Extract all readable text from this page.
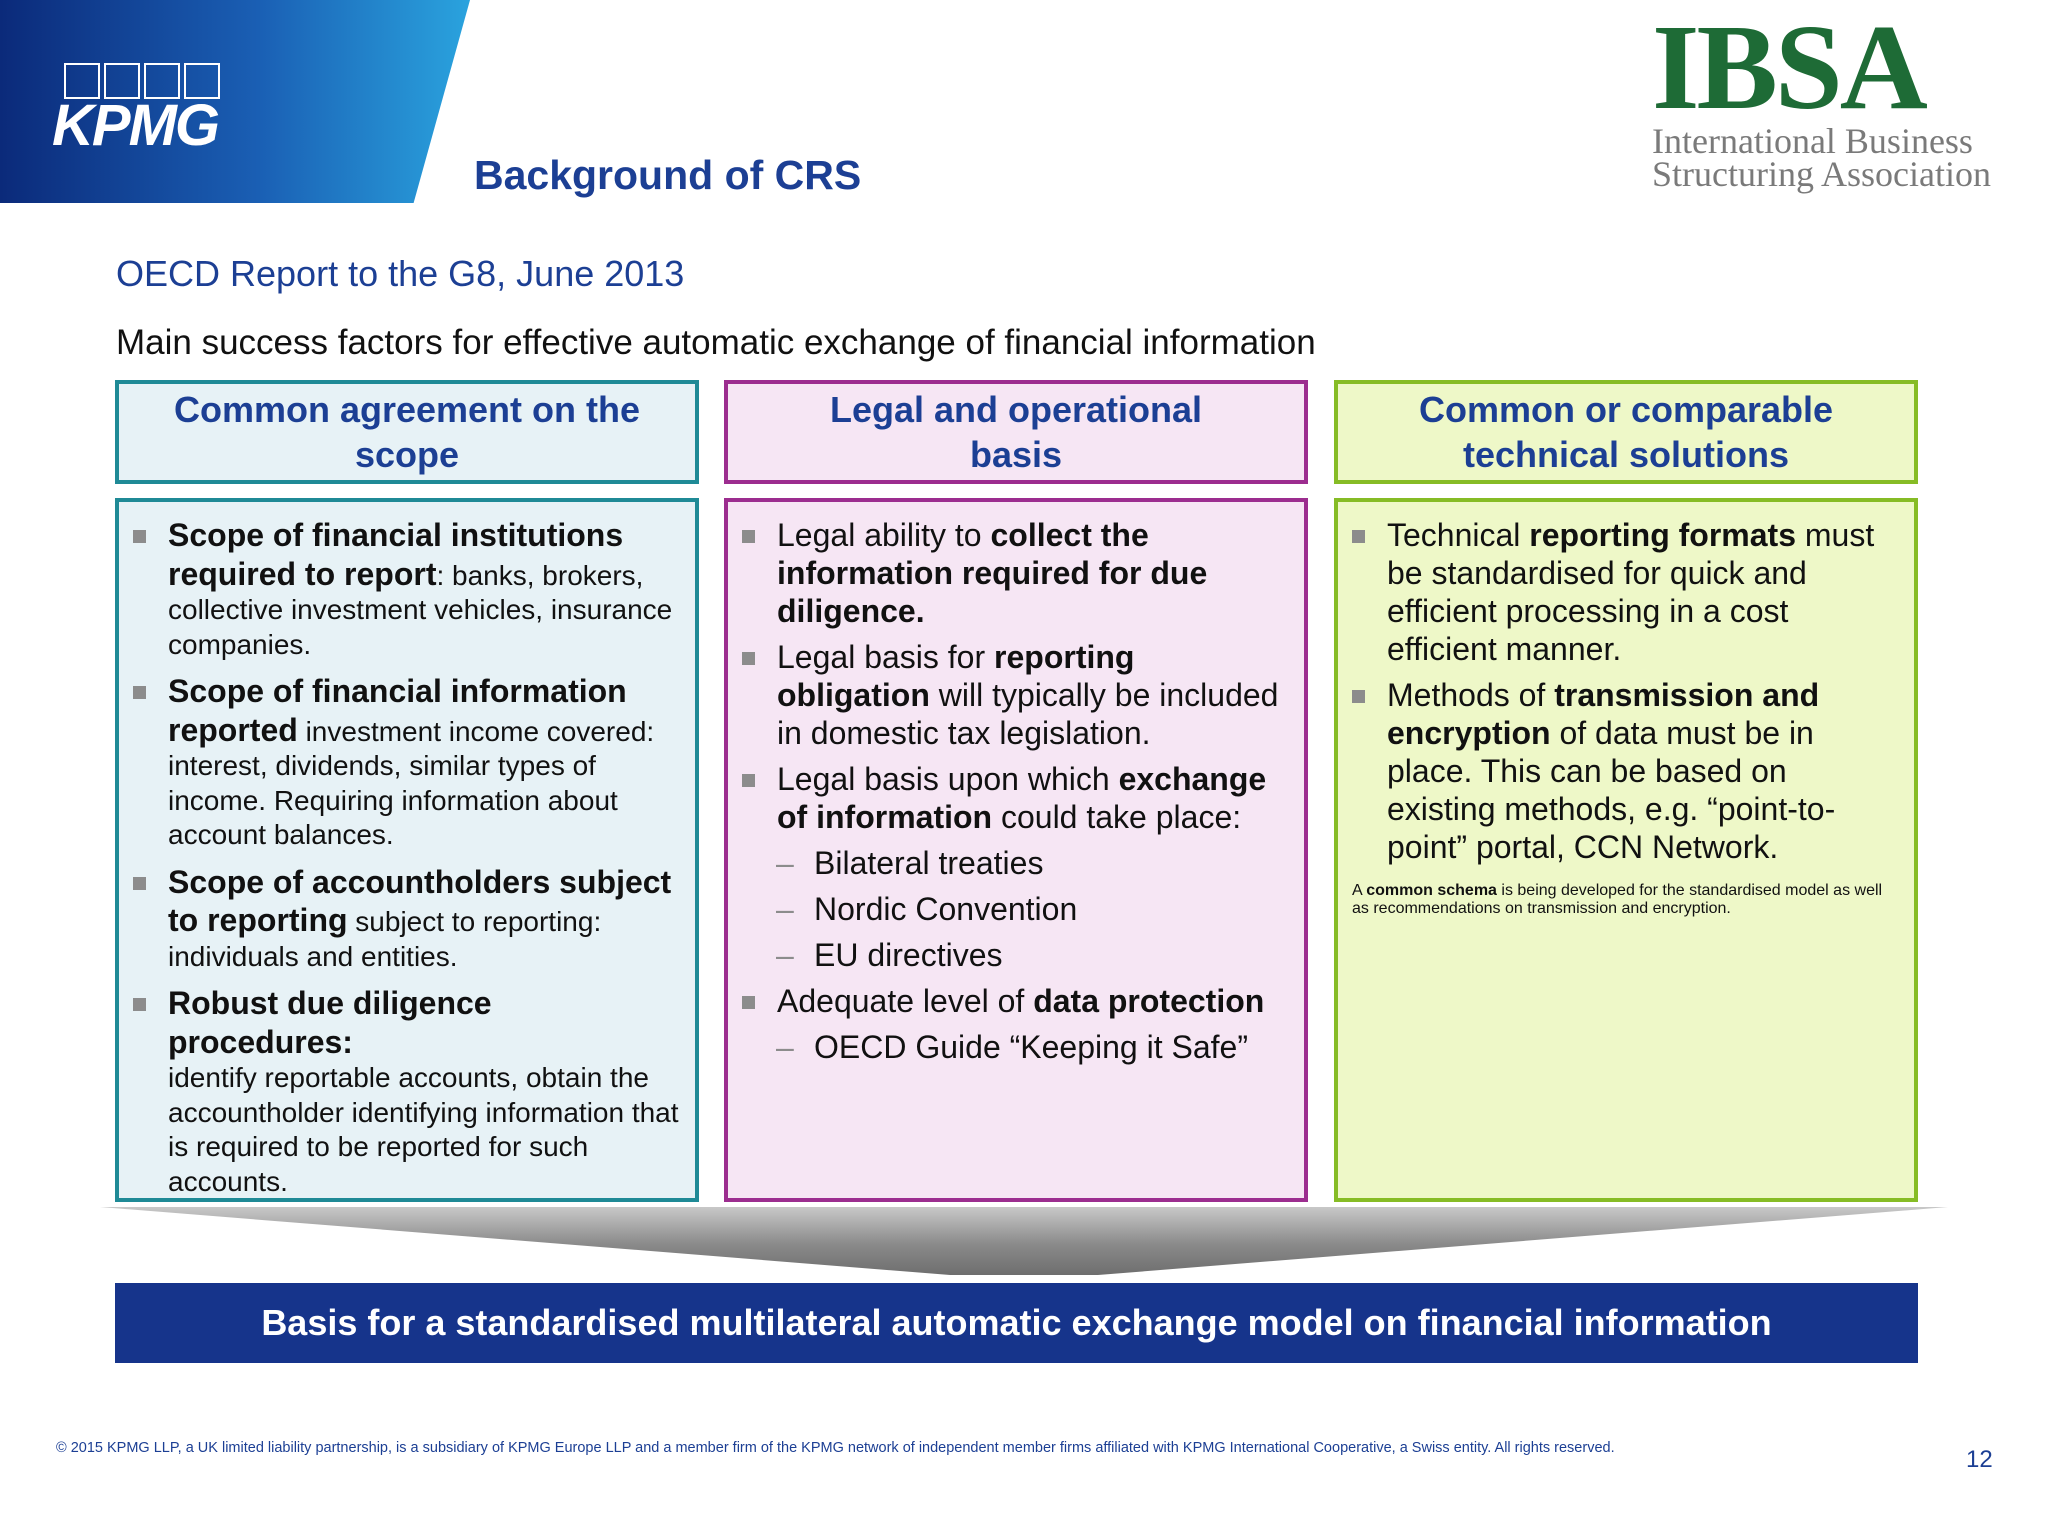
KPMG
Background of CRS
IBSA
International Business
Structuring Association
OECD Report to the G8, June 2013
Main success factors for effective automatic exchange of financial information
Common agreement on the
scope
Legal and operational
basis
Common or comparable
technical solutions
Scope of financial institutions required to report: banks, brokers, collective investment vehicles, insurance companies.
Scope of financial information reported investment income covered: interest, dividends, similar types of income. Requiring information about account balances.
Scope of accountholders subject to reporting subject to reporting: individuals and entities.
Robust due diligence procedures:
identify reportable accounts, obtain the accountholder identifying information that is required to be reported for such accounts.
Legal ability to collect the information required for due diligence.
Legal basis for reporting obligation will typically be included in domestic tax legislation.
Legal basis upon which exchange of information could take place:
– Bilateral treaties
– Nordic Convention
– EU directives
Adequate level of data protection
– OECD Guide “Keeping it Safe”
Technical reporting formats must be standardised for quick and efficient processing in a cost efficient manner.
Methods of transmission and encryption of data must be in place. This can be based on existing methods, e.g. “point-to-point” portal, CCN Network.

A common schema is being developed for the standardised model as well as recommendations on transmission and encryption.

Basis for a standardised multilateral automatic exchange model on financial information
© 2015 KPMG LLP, a UK limited liability partnership, is a subsidiary of KPMG Europe LLP and a member firm of the KPMG network of independent member firms affiliated with KPMG International Cooperative, a Swiss entity. All rights reserved.	12
